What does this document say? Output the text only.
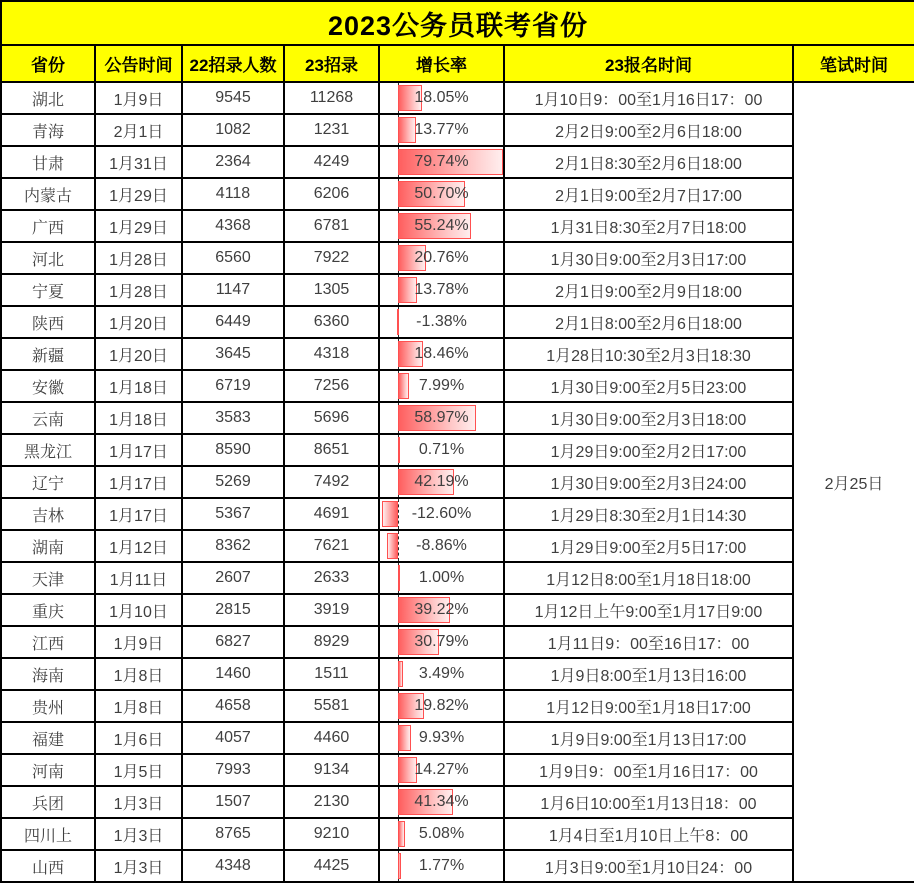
2023公务员联考省份						
省份	公告时间	22招录人数	23招录	增长率	23报名时间	笔试时间
湖北	1月9日	9545	11268	18.05%	1月10日9：00至1月16日17：00	2月25日
青海	2月1日	1082	1231	13.77%	2月2日9:00至2月6日18:00	
甘肃	1月31日	2364	4249	79.74%	2月1日8:30至2月6日18:00	
内蒙古	1月29日	4118	6206	50.70%	2月1日9:00至2月7日17:00	
广西	1月29日	4368	6781	55.24%	1月31日8:30至2月7日18:00	
河北	1月28日	6560	7922	20.76%	1月30日9:00至2月3日17:00	
宁夏	1月28日	1147	1305	13.78%	2月1日9:00至2月9日18:00	
陕西	1月20日	6449	6360	-1.38%	2月1日8:00至2月6日18:00	
新疆	1月20日	3645	4318	18.46%	1月28日10:30至2月3日18:30	
安徽	1月18日	6719	7256	7.99%	1月30日9:00至2月5日23:00	
云南	1月18日	3583	5696	58.97%	1月30日9:00至2月3日18:00	
黑龙江	1月17日	8590	8651	0.71%	1月29日9:00至2月2日17:00	
辽宁	1月17日	5269	7492	42.19%	1月30日9:00至2月3日24:00	
吉林	1月17日	5367	4691	-12.60%	1月29日8:30至2月1日14:30	
湖南	1月12日	8362	7621	-8.86%	1月29日9:00至2月5日17:00	
天津	1月11日	2607	2633	1.00%	1月12日8:00至1月18日18:00	
重庆	1月10日	2815	3919	39.22%	1月12日上午9:00至1月17日9:00	
江西	1月9日	6827	8929	30.79%	1月11日9：00至16日17：00	
海南	1月8日	1460	1511	3.49%	1月9日8:00至1月13日16:00	
贵州	1月8日	4658	5581	19.82%	1月12日9:00至1月18日17:00	
福建	1月6日	4057	4460	9.93%	1月9日9:00至1月13日17:00	
河南	1月5日	7993	9134	14.27%	1月9日9：00至1月16日17：00	
兵团	1月3日	1507	2130	41.34%	1月6日10:00至1月13日18：00	
四川上	1月3日	8765	9210	5.08%	1月4日至1月10日上午8：00	
山西	1月3日	4348	4425	1.77%	1月3日9:00至1月10日24：00	
